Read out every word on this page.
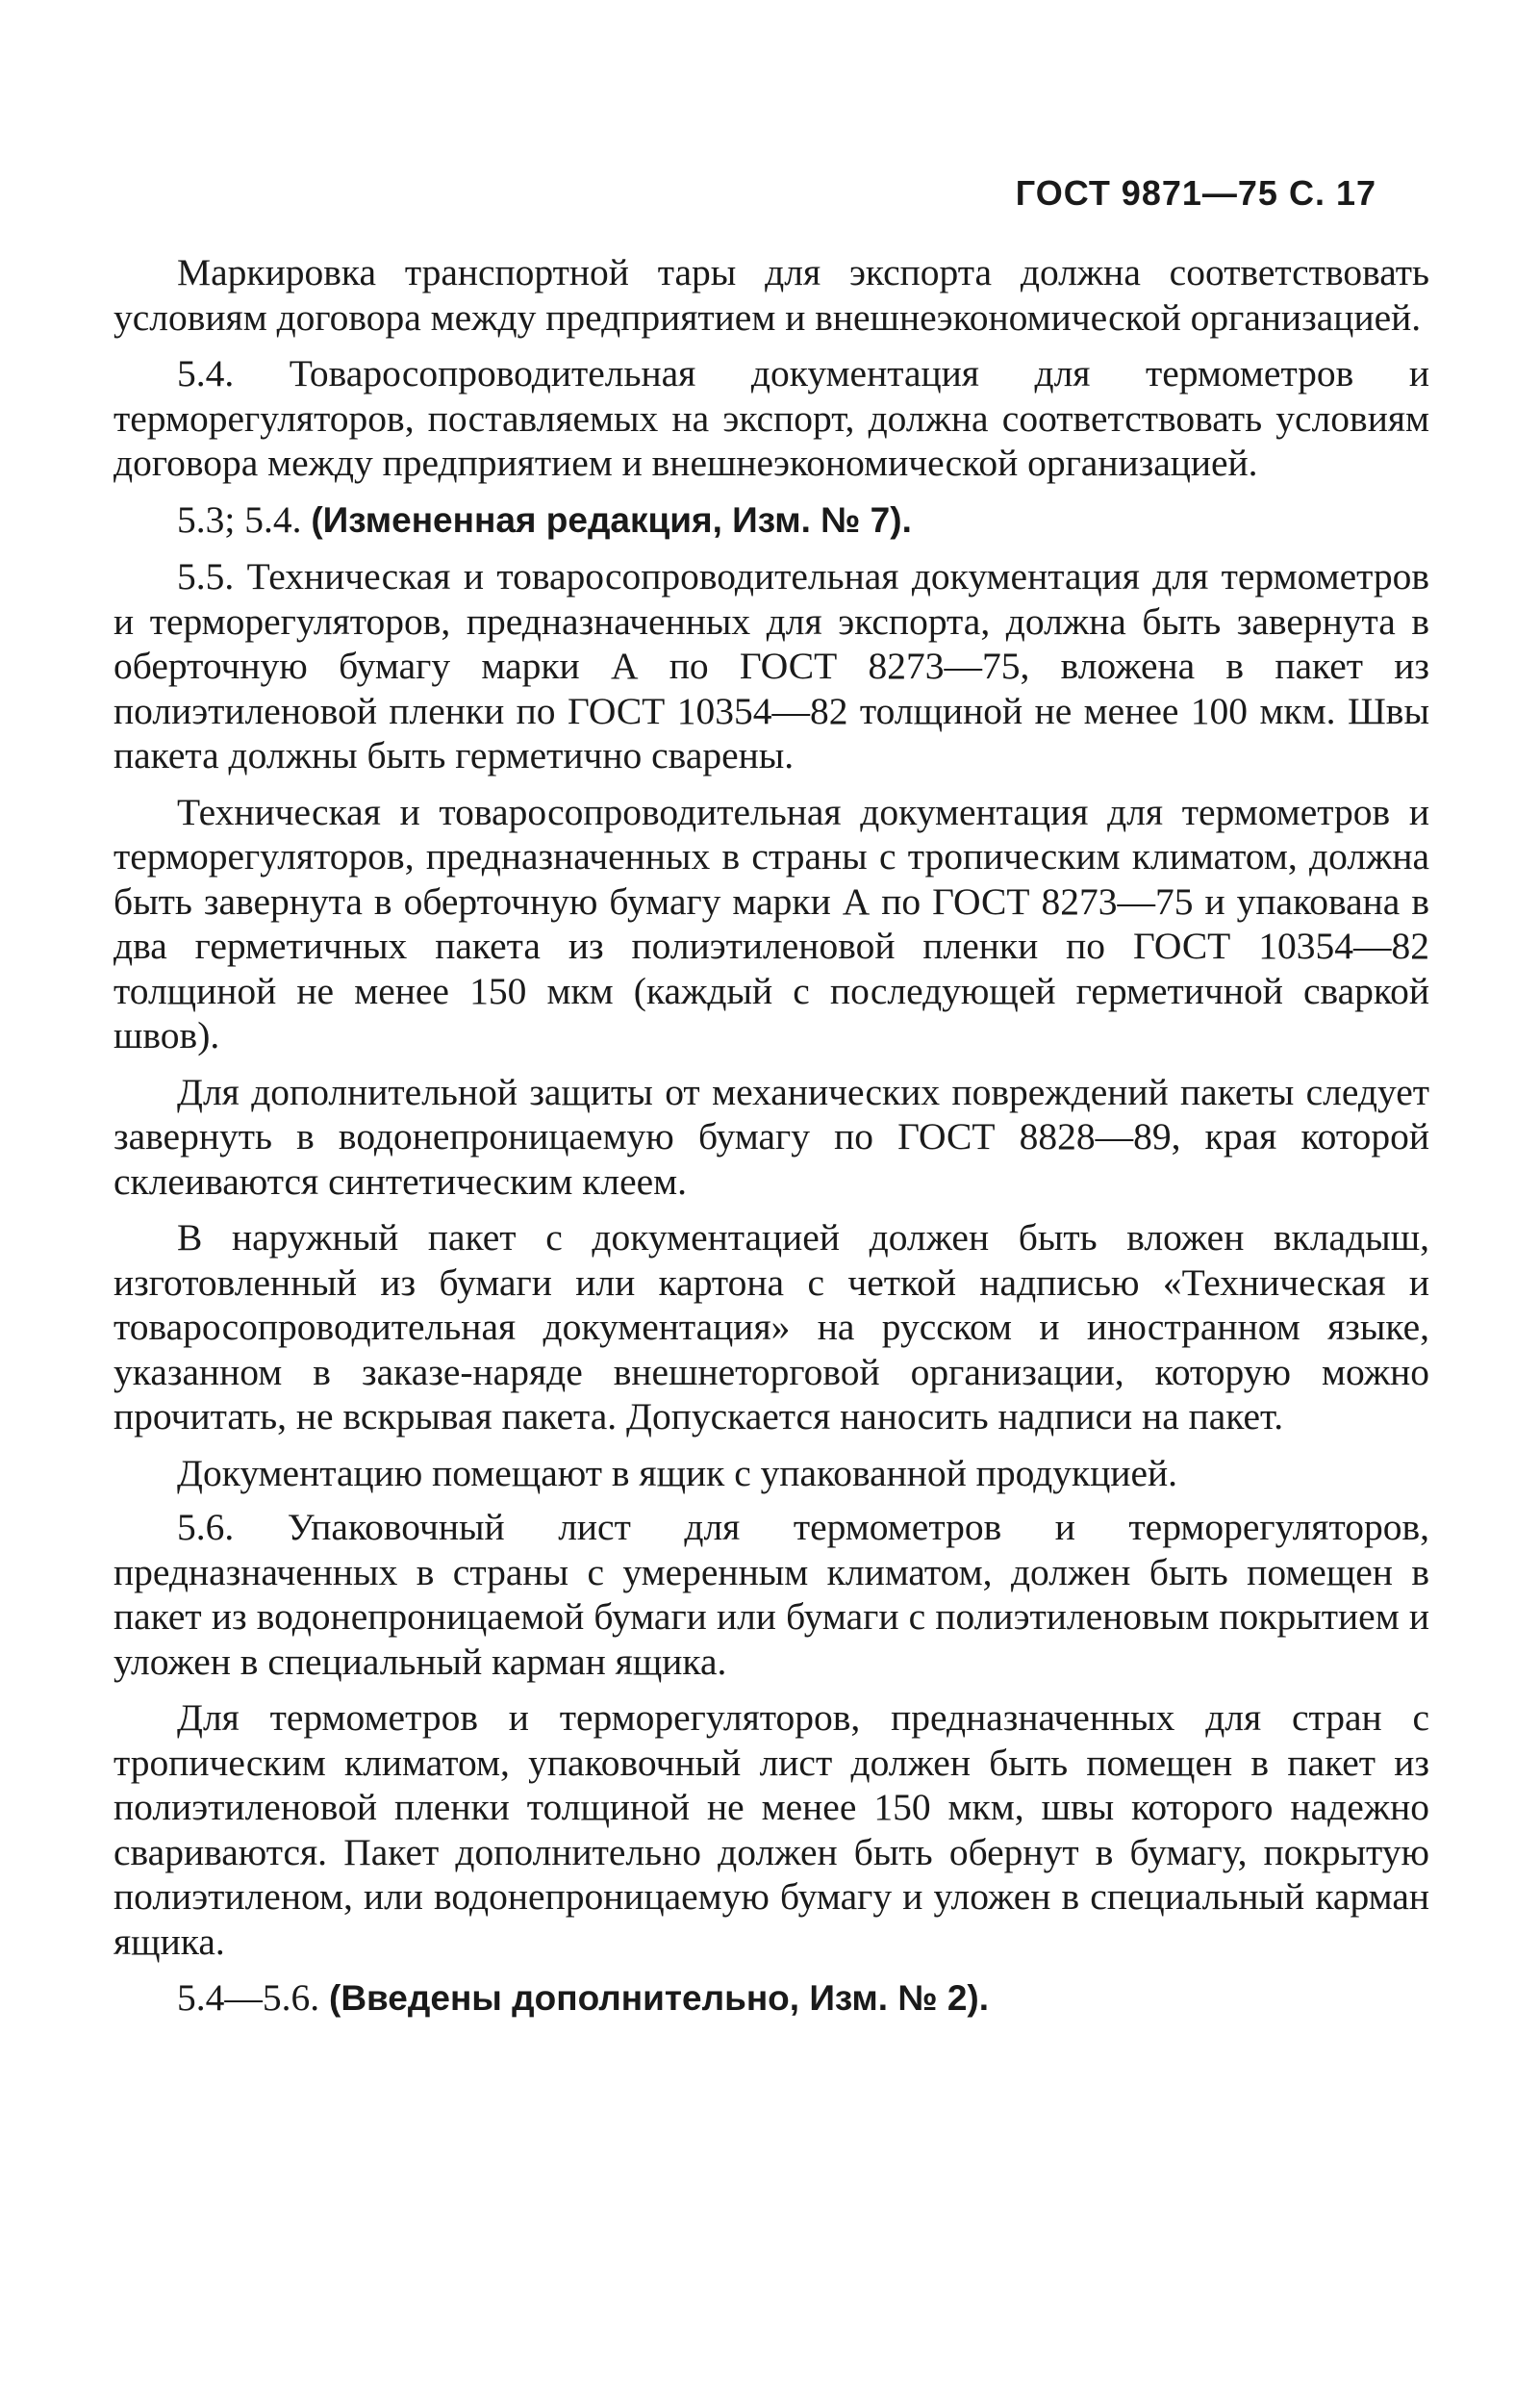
ГОСТ 9871—75 С. 17

Маркировка транспортной тары для экспорта должна соответствовать условиям договора между предприятием и внешнеэкономической организацией.

5.4. Товаросопроводительная документация для термометров и терморегуляторов, поставляемых на экспорт, должна соответствовать условиям договора между предприятием и внешнеэкономической организацией.

5.3; 5.4. (Измененная редакция, Изм. № 7).

5.5. Техническая и товаросопроводительная документация для термометров и терморегуляторов, предназначенных для экспорта, должна быть завернута в оберточную бумагу марки А по ГОСТ 8273—75, вложена в пакет из полиэтиленовой пленки по ГОСТ 10354—82 толщиной не менее 100 мкм. Швы пакета должны быть герметично сварены.

Техническая и товаросопроводительная документация для термометров и терморегуляторов, предназначенных в страны с тропическим климатом, должна быть завернута в оберточную бумагу марки А по ГОСТ 8273—75 и упакована в два герметичных пакета из полиэтиленовой пленки по ГОСТ 10354—82 толщиной не менее 150 мкм (каждый с последующей герметичной сваркой швов).

Для дополнительной защиты от механических повреждений пакеты следует завернуть в водонепроницаемую бумагу по ГОСТ 8828—89, края которой склеиваются синтетическим клеем.

В наружный пакет с документацией должен быть вложен вкладыш, изготовленный из бумаги или картона с четкой надписью «Техническая и товаросопроводительная документация» на русском и иностранном языке, указанном в заказе-наряде внешнеторговой организации, которую можно прочитать, не вскрывая пакета. Допускается наносить надписи на пакет.

Документацию помещают в ящик с упакованной продукцией.

5.6. Упаковочный лист для термометров и терморегуляторов, предназначенных в страны с умеренным климатом, должен быть помещен в пакет из водонепроницаемой бумаги или бумаги с полиэтиленовым покрытием и уложен в специальный карман ящика.

Для термометров и терморегуляторов, предназначенных для стран с тропическим климатом, упаковочный лист должен быть помещен в пакет из полиэтиленовой пленки толщиной не менее 150 мкм, швы которого надежно свариваются. Пакет дополнительно должен быть обернут в бумагу, покрытую полиэтиленом, или водонепроницаемую бумагу и уложен в специальный карман ящика.

5.4—5.6. (Введены дополнительно, Изм. № 2).
